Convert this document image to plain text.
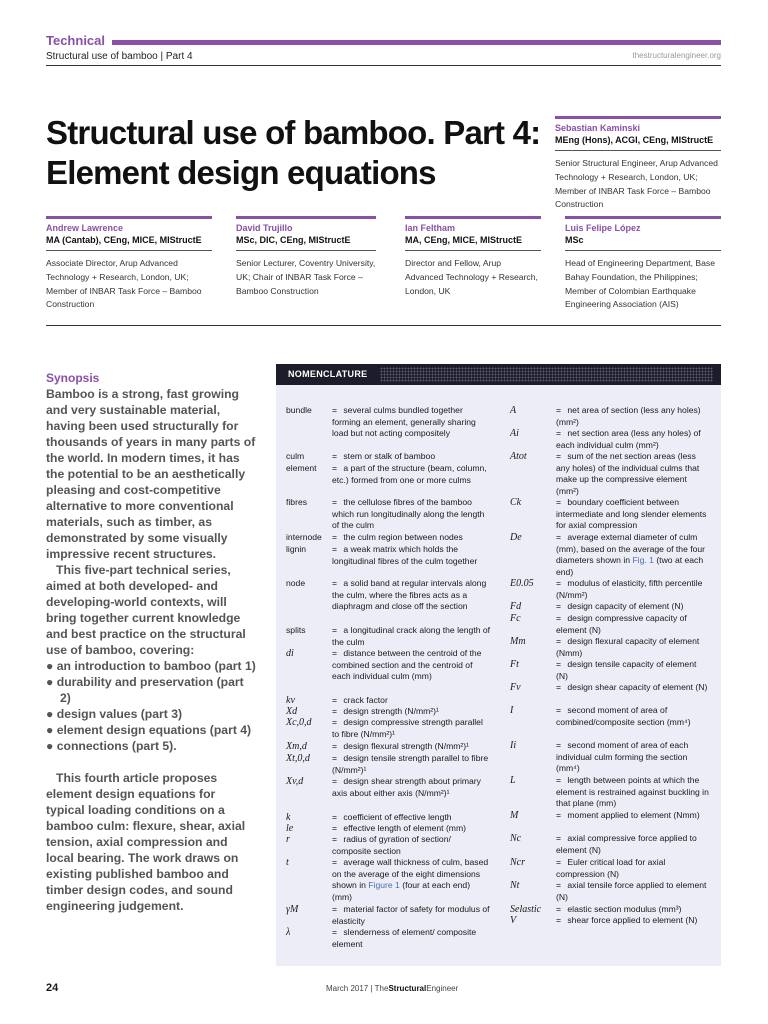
Technical
Structural use of bamboo | Part 4	thestructuralengineer.org
Structural use of bamboo. Part 4: Element design equations
Sebastian Kaminski
MEng (Hons), ACGI, CEng, MIStructE
Senior Structural Engineer, Arup Advanced Technology + Research, London, UK; Member of INBAR Task Force – Bamboo Construction
Andrew Lawrence
MA (Cantab), CEng, MICE, MIStructE
Associate Director, Arup Advanced Technology + Research, London, UK; Member of INBAR Task Force – Bamboo Construction
David Trujillo
MSc, DIC, CEng, MIStructE
Senior Lecturer, Coventry University, UK; Chair of INBAR Task Force – Bamboo Construction
Ian Feltham
MA, CEng, MICE, MIStructE
Director and Fellow, Arup Advanced Technology + Research, London, UK
Luis Felipe López
MSc
Head of Engineering Department, Base Bahay Foundation, the Philippines; Member of Colombian Earthquake Engineering Association (AIS)
Synopsis

Bamboo is a strong, fast growing and very sustainable material, having been used structurally for thousands of years in many parts of the world. In modern times, it has the potential to be an aesthetically pleasing and cost-competitive alternative to more conventional materials, such as timber, as demonstrated by some visually impressive recent structures.

This five-part technical series, aimed at both developed- and developing-world contexts, will bring together current knowledge and best practice on the structural use of bamboo, covering:

● an introduction to bamboo (part 1)
● durability and preservation (part 2)
● design values (part 3)
● element design equations (part 4)
● connections (part 5).

This fourth article proposes element design equations for typical loading conditions on a bamboo culm: flexure, shear, axial tension, axial compression and local bearing. The work draws on existing published bamboo and timber design codes, and sound engineering judgement.

NOMENCLATURE
bundle	= several culms bundled together forming an element, generally sharing load but not acting compositely
culm	= stem or stalk of bamboo
element	= a part of the structure (beam, column, etc.) formed from one or more culms
fibres	= the cellulose fibres of the bamboo which run longitudinally along the length of the culm
internode	= the culm region between nodes
lignin	= a weak matrix which holds the longitudinal fibres of the culm together
node	= a solid band at regular intervals along the culm, where the fibres acts as a diaphragm and close off the section
splits	= a longitudinal crack along the length of the culm
di	= distance between the centroid of the combined section and the centroid of each individual culm (mm)
kv	= crack factor
Xd	= design strength (N/mm²)¹
Xc,0,d	= design compressive strength parallel to fibre (N/mm²)¹
Xm,d	= design flexural strength (N/mm²)¹
Xt,0,d	= design tensile strength parallel to fibre (N/mm²)¹
Xv,d	= design shear strength about primary axis about either axis (N/mm²)¹
k	= coefficient of effective length
le	= effective length of element (mm)
r	= radius of gyration of section/ composite section
t	= average wall thickness of culm, based on the average of the eight dimensions shown in Figure 1 (four at each end) (mm)
γM	= material factor of safety for modulus of elasticity
λ	= slenderness of element/ composite element
A	= net area of section (less any holes) (mm²)
Ai	= net section area (less any holes) of each individual culm (mm²)
Atot	= sum of the net section areas (less any holes) of the individual culms that make up the compressive element (mm²)
Ck	= boundary coefficient between intermediate and long slender elements for axial compression
De	= average external diameter of culm (mm), based on the average of the four diameters shown in Fig. 1 (two at each end)
E0.05	= modulus of elasticity, fifth percentile (N/mm²)
Fd	= design capacity of element (N)
Fc	= design compressive capacity of element (N)
Mm	= design flexural capacity of element (Nmm)
Ft	= design tensile capacity of element (N)
Fv	= design shear capacity of element (N)
I	= second moment of area of combined/composite section (mm⁴)
Ii	= second moment of area of each individual culm forming the section (mm⁴)
L	= length between points at which the element is restrained against buckling in that plane (mm)
M	= moment applied to element (Nmm)
Nc	= axial compressive force applied to element (N)
Ncr	= Euler critical load for axial compression (N)
Nt	= axial tensile force applied to element (N)
Selastic	= elastic section modulus (mm³)
V	= shear force applied to element (N)
24	March 2017 | TheStructuralEngineer
